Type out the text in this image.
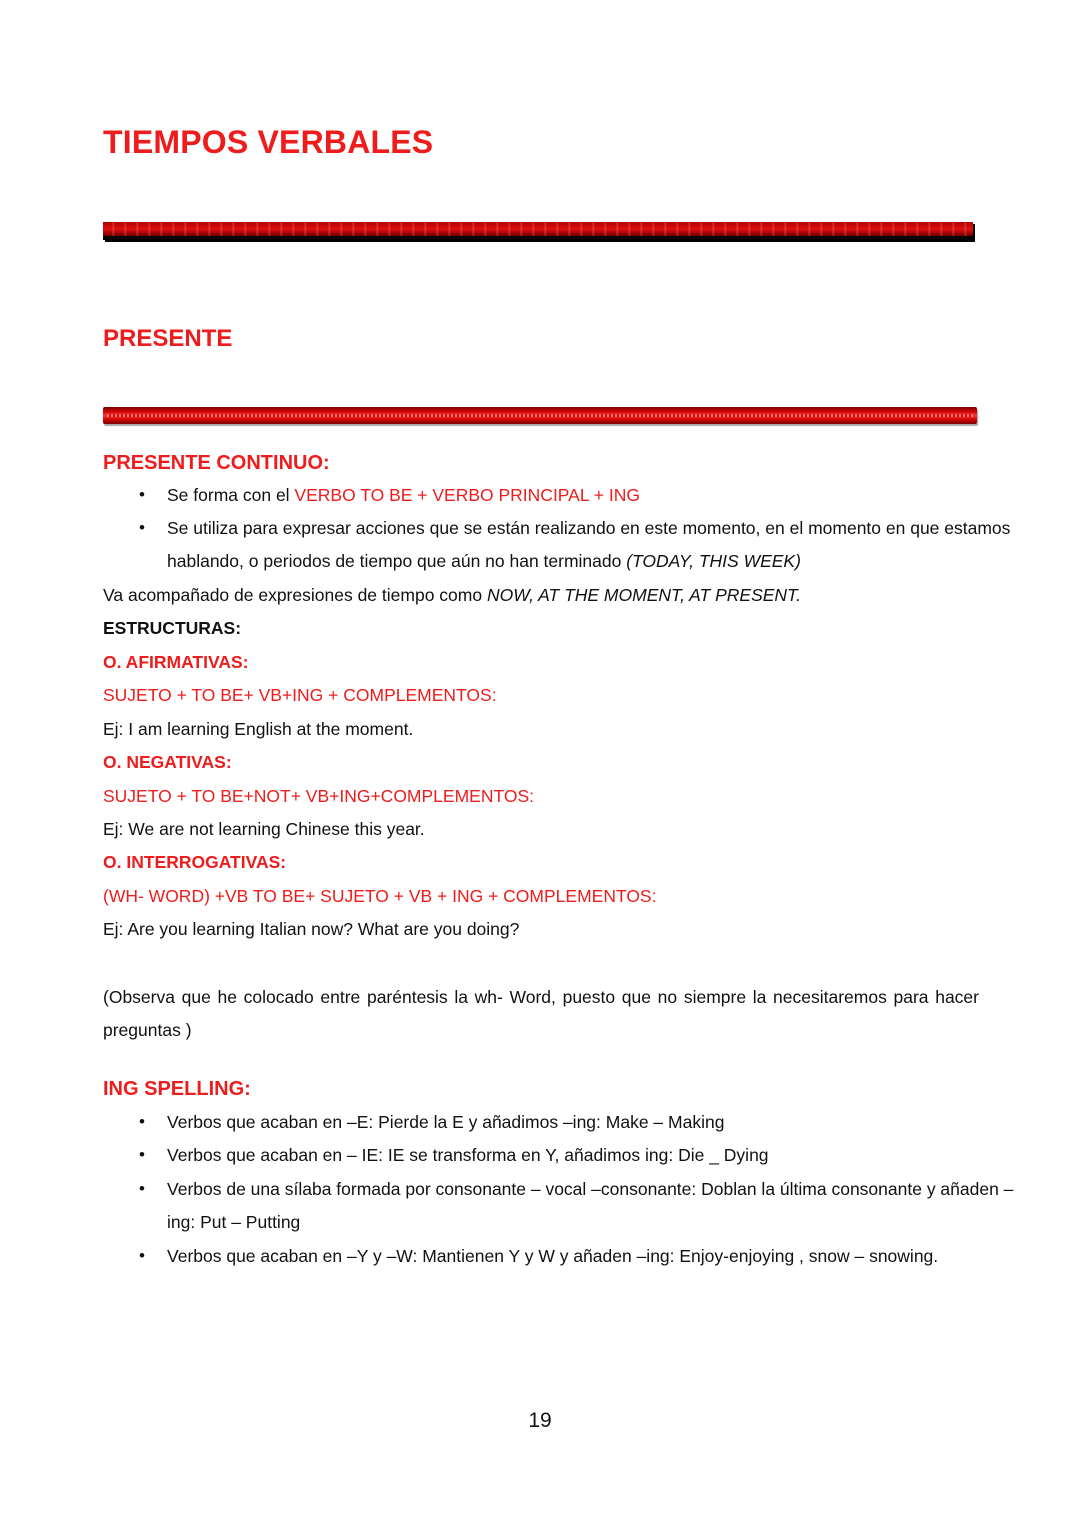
TIEMPOS VERBALES
PRESENTE
PRESENTE CONTINUO:
• Se forma con el VERBO TO BE + VERBO PRINCIPAL + ING
• Se utiliza para expresar acciones que se están realizando en este momento, en el momento en que estamos
hablando, o periodos de tiempo que aún no han terminado (TODAY, THIS WEEK)
Va acompañado de expresiones de tiempo como NOW, AT THE MOMENT, AT PRESENT.
ESTRUCTURAS:
O. AFIRMATIVAS:
SUJETO + TO BE+ VB+ING + COMPLEMENTOS:
Ej: I am learning English at the moment.
O. NEGATIVAS:
SUJETO + TO BE+NOT+ VB+ING+COMPLEMENTOS:
Ej: We are not learning Chinese this year.
O. INTERROGATIVAS:
(WH- WORD) +VB TO BE+ SUJETO + VB + ING + COMPLEMENTOS:
Ej: Are you learning Italian now? What are you doing?
(Observa que he colocado entre paréntesis la wh- Word, puesto que no siempre la necesitaremos para hacer
preguntas )
ING SPELLING:
• Verbos que acaban en –E: Pierde la E y añadimos –ing: Make – Making
• Verbos que acaban en – IE: IE se transforma en Y, añadimos ing: Die _ Dying
• Verbos de una sílaba formada por consonante – vocal –consonante: Doblan la última consonante y añaden –
ing: Put – Putting
• Verbos que acaban en –Y y –W: Mantienen Y y W y añaden –ing: Enjoy-enjoying , snow – snowing.
19
